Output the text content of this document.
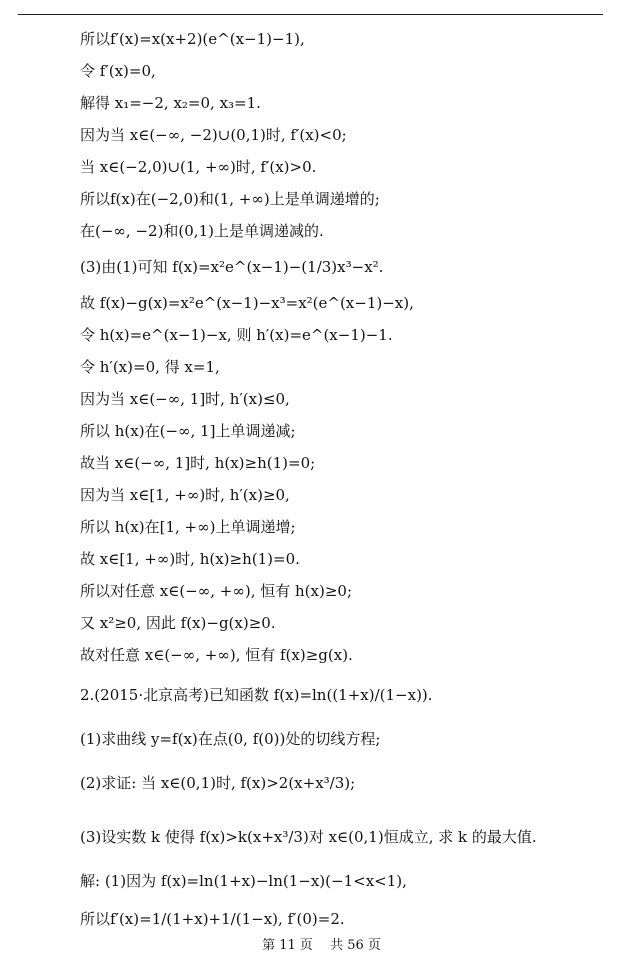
所以f′(x)=x(x+2)(e^(x−1)−1),
令 f′(x)=0,
解得 x₁=−2, x₂=0, x₃=1.
因为当 x∈(−∞, −2)∪(0,1)时, f′(x)<0;
当 x∈(−2,0)∪(1, +∞)时, f′(x)>0.
所以f(x)在(−2,0)和(1, +∞)上是单调递增的;
在(−∞, −2)和(0,1)上是单调递减的.
(3)由(1)可知 f(x)=x²e^(x−1)−(1/3)x³−x².
故 f(x)−g(x)=x²e^(x−1)−x³=x²(e^(x−1)−x),
令 h(x)=e^(x−1)−x, 则 h′(x)=e^(x−1)−1.
令 h′(x)=0, 得 x=1,
因为当 x∈(−∞, 1]时, h′(x)≤0,
所以 h(x)在(−∞, 1]上单调递减;
故当 x∈(−∞, 1]时, h(x)≥h(1)=0;
因为当 x∈[1, +∞)时, h′(x)≥0,
所以 h(x)在[1, +∞)上单调递增;
故 x∈[1, +∞)时, h(x)≥h(1)=0.
所以对任意 x∈(−∞, +∞), 恒有 h(x)≥0;
又 x²≥0, 因此 f(x)−g(x)≥0.
故对任意 x∈(−∞, +∞), 恒有 f(x)≥g(x).
2.(2015·北京高考)已知函数 f(x)=ln((1+x)/(1−x)).
(1)求曲线 y=f(x)在点(0, f(0))处的切线方程;
(2)求证: 当 x∈(0,1)时, f(x)>2(x+x³/3);
(3)设实数 k 使得 f(x)>k(x+x³/3)对 x∈(0,1)恒成立, 求 k 的最大值.
解: (1)因为 f(x)=ln(1+x)−ln(1−x)(−1<x<1),
所以f′(x)=1/(1+x)+1/(1−x), f′(0)=2.
第 11 页　 共 56 页
